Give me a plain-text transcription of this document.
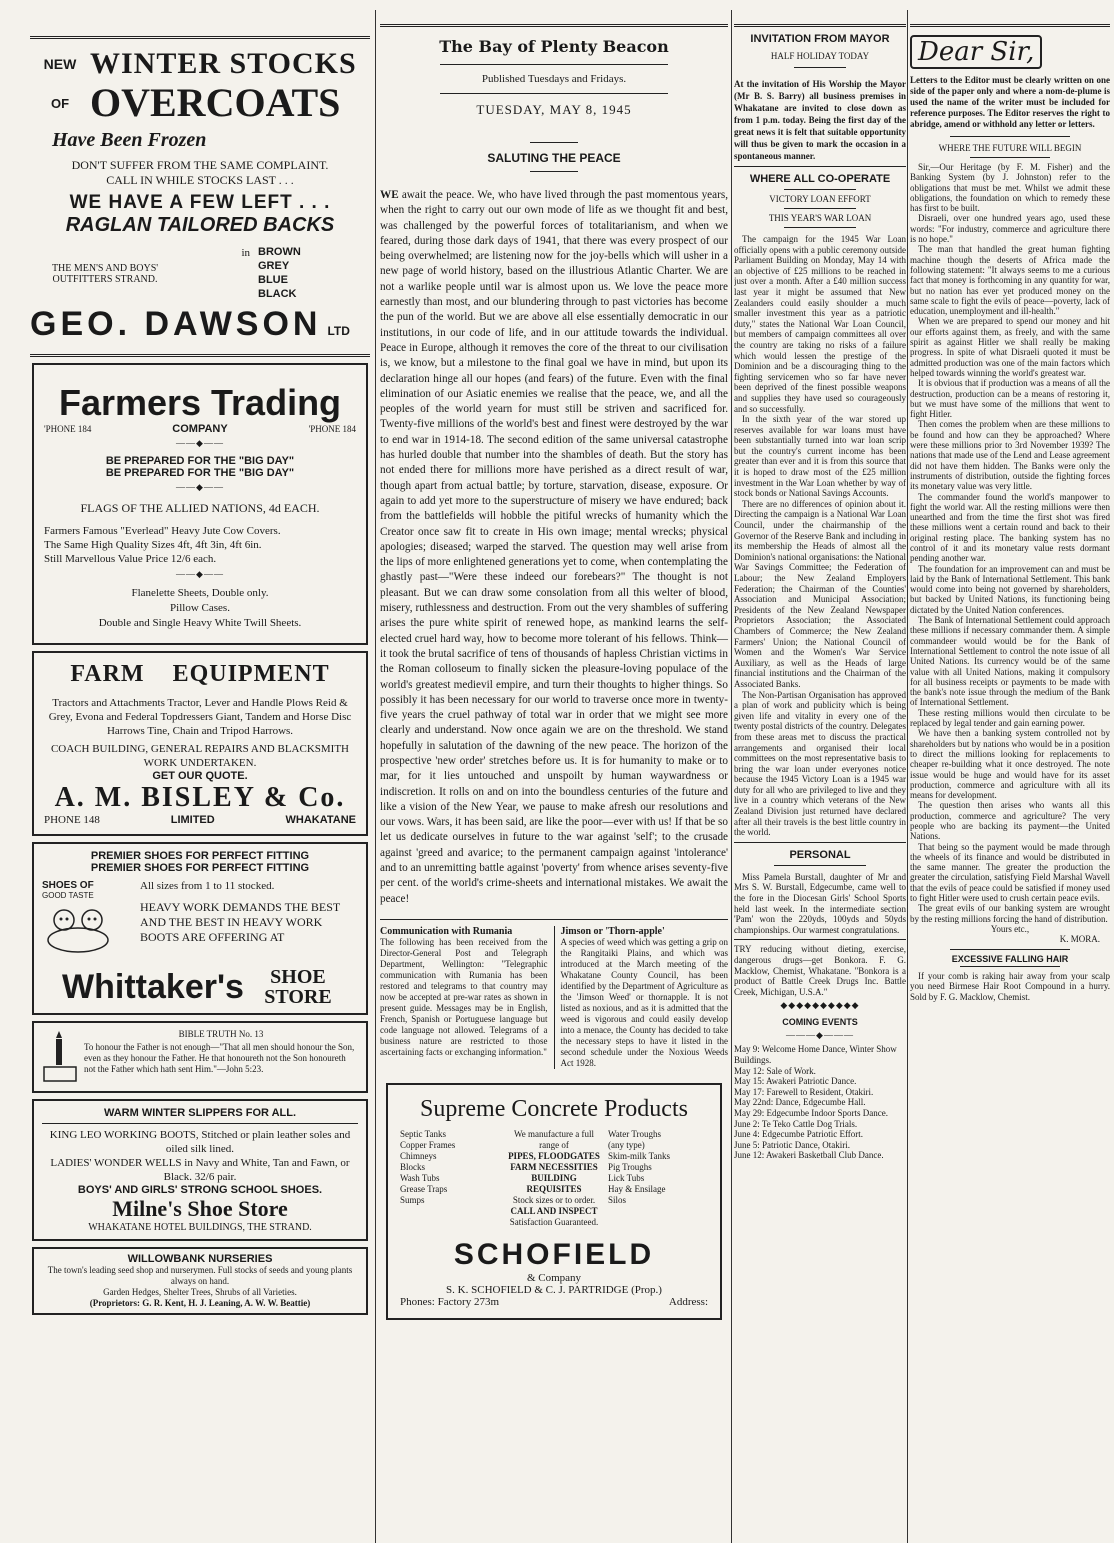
NEW WINTER STOCKS
OF OVERCOATS
Have Been Frozen
DON'T SUFFER FROM THE SAME COMPLAINT.
CALL IN WHILE STOCKS LAST . . .
WE HAVE A FEW LEFT . . .
RAGLAN TAILORED BACKS
THE MEN'S AND BOYS' OUTFITTERS STRAND.
in BROWN
GREY
BLUE
BLACK
GEO. DAWSON LTD
Farmers Trading
'PHONE 184	COMPANY	'PHONE 184
——◆——
BE PREPARED FOR THE "BIG DAY"
BE PREPARED FOR THE "BIG DAY"
——◆——
FLAGS OF THE ALLIED NATIONS, 4d EACH.
Farmers Famous "Everlead" Heavy Jute Cow Covers.
The Same High Quality Sizes 4ft, 4ft 3in, 4ft 6in.
Still Marvellous Value Price 12/6 each.
——◆——
Flanelette Sheets, Double only.
Pillow Cases.
Double and Single Heavy White Twill Sheets.
FARM    EQUIPMENT
Tractors and Attachments Tractor, Lever and Handle Plows Reid & Grey, Evona and Federal Topdressers Giant, Tandem and Horse Disc Harrows Tine, Chain and Tripod Harrows.
COACH BUILDING, GENERAL REPAIRS AND BLACKSMITH WORK UNDERTAKEN.
GET OUR QUOTE.
A. M. BISLEY & Co.
PHONE 148	LIMITED	WHAKATANE
PREMIER SHOES FOR PERFECT FITTING
PREMIER SHOES FOR PERFECT FITTING
SHOES OF
GOOD TASTE
All sizes from 1 to 11 stocked.
HEAVY WORK DEMANDS THE BEST AND THE BEST IN HEAVY WORK BOOTS ARE OFFERING AT
Whittaker's	SHOE STORE
BIBLE TRUTH No. 13
To honour the Father is not enough—"That all men should honour the Son, even as they honour the Father. He that honoureth not the Son honoureth not the Father which hath sent Him."—John 5:23.
WARM WINTER SLIPPERS FOR ALL.
KING LEO WORKING BOOTS, Stitched or plain leather soles and oiled silk lined.
LADIES' WONDER WELLS in Navy and White, Tan and Fawn, or Black. 32/6 pair.
BOYS' AND GIRLS' STRONG SCHOOL SHOES.
Milne's Shoe Store
WHAKATANE HOTEL BUILDINGS, THE STRAND.
WILLOWBANK NURSERIES
The town's leading seed shop and nurserymen. Full stocks of seeds and young plants always on hand.
Garden Hedges, Shelter Trees, Shrubs of all Varieties.
(Proprietors: G. R. Kent, H. J. Leaning, A. W. W. Beattie)
The Bay of Plenty Beacon
Published Tuesdays and Fridays.
TUESDAY, MAY 8, 1945
SALUTING THE PEACE

WE await the peace. We, who have lived through the past momentous years, when the right to carry out our own mode of life as we thought fit and best, was challenged by the powerful forces of totalitarianism, and when we feared, during those dark days of 1941, that there was every prospect of our being overwhelmed; are listening now for the joy-bells which will usher in a new page of world history, based on the illustrious Atlantic Charter. We are not a warlike people until war is almost upon us. We love the peace more earnestly than most, and our blundering through to past victories has become the pun of the world. But we are above all else essentially democratic in our institutions, in our code of life, and in our attitude towards the individual. Peace in Europe, although it removes the core of the threat to our civilisation is, we know, but a milestone to the final goal we have in mind, but upon its declaration hinge all our hopes (and fears) of the future. Even with the final elimination of our Asiatic enemies we realise that the peace, we, and all the peoples of the world yearn for must still be striven and sacrificed for. Twenty-five millions of the world's best and finest were destroyed by the war to end war in 1914-18. The second edition of the same universal catastrophe has hurled double that number into the shambles of death. But the story has not ended there for millions more have perished as a direct result of war, though apart from actual battle; by torture, starvation, disease, exposure. Or again to add yet more to the superstructure of misery we have endured; back from the battlefields will hobble the pitiful wrecks of humanity which the Creator once saw fit to create in His own image; mental wrecks; physical apologies; diseased; warped the starved. The question may well arise from the lips of more enlightened generations yet to come, when contemplating the ghastly past—"Were these indeed our forebears?" The thought is not pleasant. But we can draw some consolation from all this welter of blood, misery, ruthlessness and destruction. From out the very shambles of suffering arises the pure white spirit of renewed hope, as mankind learns the self-elected cruel hard way, how to become more tolerant of his fellows. Think—it took the brutal sacrifice of tens of thousands of hapless Christian victims in the Roman colloseum to finally sicken the pleasure-loving populace of the world's greatest medievil empire, and turn their thoughts to higher things. So possibly it has been necessary for our world to traverse once more in twenty-five years the cruel pathway of total war in order that we might see more clearly and understand. Now once again we are on the threshold. We stand hopefully in salutation of the dawning of the new peace. The horizon of the prospective 'new order' stretches before us. It is for humanity to make or to mar, for it lies untouched and unspoilt by human waywardness or indiscretion. It rolls on and on into the boundless centuries of the future and like a vision of the New Year, we pause to make afresh our resolutions and our vows. Wars, it has been said, are like the poor—ever with us! If that be so let us dedicate ourselves in future to the war against 'self'; to the crusade against 'greed and avarice; to the permanent campaign against 'intolerance' and to an unremitting battle against 'poverty' from whence arises seventy-five per cent. of the world's crime-sheets and international mistakes. We await the peace!

Communication with Rumania
The following has been received from the Director-General Post and Telegraph Department, Wellington: "Telegraphic communication with Rumania has been restored and telegrams to that country may now be accepted at pre-war rates as shown in present guide. Messages may be in English, French, Spanish or Portuguese language but code language not allowed. Telegrams of a business nature are restricted to those ascertaining facts or exchanging information."
Jimson or 'Thorn-apple'
A species of weed which was getting a grip on the Rangitaiki Plains, and which was introduced at the March meeting of the Whakatane County Council, has been identified by the Department of Agriculture as the 'Jimson Weed' or thornapple. It is not listed as noxious, and as it is admitted that the weed is vigorous and could easily develop into a menace, the County has decided to take the necessary steps to have it listed in the second schedule under the Noxious Weeds Act 1928.
Supreme Concrete Products
Septic Tanks
Copper Frames
Chimneys
Blocks
Wash Tubs
Grease Traps
Sumps
We manufacture a full range of
PIPES, FLOODGATES
FARM NECESSITIES
BUILDING REQUISITES
Stock sizes or to order.
CALL AND INSPECT
Satisfaction Guaranteed.
Water Troughs
(any type)
Skim-milk Tanks
Pig Troughs
Lick Tubs
Hay & Ensilage
Silos
SCHOFIELD
& Company
S. K. SCHOFIELD & C. J. PARTRIDGE (Prop.)
Phones: Factory 273m	Address:
INVITATION FROM MAYOR
HALF HOLIDAY TODAY

At the invitation of His Worship the Mayor (Mr B. S. Barry) all business premises in Whakatane are invited to close down as from 1 p.m. today. Being the first day of the great news it is felt that suitable opportunity will thus be given to mark the occasion in a spontaneous manner.

WHERE ALL CO-OPERATE
VICTORY LOAN EFFORT
THIS YEAR'S WAR LOAN

The campaign for the 1945 War Loan officially opens with a public ceremony outside Parliament Building on Monday, May 14 with an objective of £25 millions to be reached in just over a month. After a £40 million success last year it might be assumed that New Zealanders could easily shoulder a much smaller investment this year as a patriotic duty," states the National War Loan Council, but members of campaign committees all over the country are taking no risks of a failure which would lessen the prestige of the Dominion and be a discouraging thing to the fighting servicemen who so far have never been deprived of the finest possible weapons and supplies they have used so courageously and so successfully.

In the sixth year of the war stored up reserves available for war loans must have been substantially turned into war loan scrip but the country's current income has been greater than ever and it is from this source that it is hoped to draw most of the £25 million investment in the War Loan whether by way of stock bonds or National Savings Accounts.

There are no differences of opinion about it. Directing the campaign is a National War Loan Council, under the chairmanship of the Governor of the Reserve Bank and including in its membership the Heads of almost all the Dominion's national organisations: the National War Savings Committee; the Federation of Labour; the New Zealand Employers Federation; the Chairman of the Counties' Association and Municipal Association; Presidents of the New Zealand Newspaper Proprietors Association; the Associated Chambers of Commerce; the New Zealand Farmers' Union; the National Council of Women and the Women's War Service Auxiliary, as well as the Heads of large financial institutions and the Chairman of the Associated Banks.

The Non-Partisan Organisation has approved a plan of work and publicity which is being given life and vitality in every one of the twenty postal districts of the country. Delegates from these areas met to discuss the practical arrangements and organised their local committees on the most representative basis to bring the war loan under everyones notice because the 1945 Victory Loan is a 1945 war duty for all who are privileged to live and they live in a country which veterans of the New Zealand Division just returned have declared after all their travels is the best little country in the world.

PERSONAL

Miss Pamela Burstall, daughter of Mr and Mrs S. W. Burstall, Edgecumbe, came well to the fore in the Diocesan Girls' School Sports held last week. In the intermediate section 'Pam' won the 220yds, 100yds and 50yds championships. Our warmest congratulations.

TRY reducing without dieting, exercise, dangerous drugs—get Bonkora. F. G. Macklow, Chemist, Whakatane. "Bonkora is a product of Battle Creek Drugs Inc. Battle Creek, Michigan, U.S.A."

◆◆◆◆◆◆◆◆◆◆
COMING EVENTS
———◆———
May 9: Welcome Home Dance, Winter Show Buildings.
May 12: Sale of Work.
May 15: Awakeri Patriotic Dance.
May 17: Farewell to Resident, Otakiri.
May 22nd: Dance, Edgecumbe Hall.
May 29: Edgecumbe Indoor Sports Dance.
June 2: Te Teko Cattle Dog Trials.
June 4: Edgecumbe Patriotic Effort.
June 5: Patriotic Dance, Otakiri.
June 12: Awakeri Basketball Club Dance.
Dear Sir,

Letters to the Editor must be clearly written on one side of the paper only and where a nom-de-plume is used the name of the writer must be included for reference purposes. The Editor reserves the right to abridge, amend or withhold any letter or letters.

WHERE THE FUTURE WILL BEGIN

Sir,—Our Heritage (by F. M. Fisher) and the Banking System (by J. Johnston) refer to the obligations that must be met. Whilst we admit these obligations, the foundation on which to remedy these has first to be built.

Disraeli, over one hundred years ago, used these words: "For industry, commerce and agriculture there is no hope."

The man that handled the great human fighting machine though the deserts of Africa made the following statement: "It always seems to me a curious fact that money is forthcoming in any quantity for war, but no nation has ever yet produced money on the same scale to fight the evils of peace—poverty, lack of education, unemployment and ill-health."

When we are prepared to spend our money and hit our efforts against them, as freely, and with the same spirit as against Hitler we shall really be making progress. In spite of what Disraeli quoted it must be admitted production was one of the main factors which helped towards winning the world's greatest war.

It is obvious that if production was a means of all the destruction, production can be a means of restoring it, but we must have some of the millions that went to fight Hitler.

Then comes the problem when are these millions to be found and how can they be approached? Where were these millions prior to 3rd November 1939? The nations that made use of the Lend and Lease agreement did not have them hidden. The Banks were only the instruments of distribution, outside the fighting forces its monetary value was very little.

The commander found the world's manpower to fight the world war. All the resting millions were then unearthed and from the time the first shot was fired these millions went a certain round and back to their original resting place. The banking system has no control of it and its monetary value rests dormant pending another war.

The foundation for an improvement can and must be laid by the Bank of International Settlement. This bank would come into being not governed by shareholders, but backed by United Nations, its functioning being dictated by the United Nation conferences.

The Bank of International Settlement could approach these millions if necessary commander them. A simple commandeer would would be for the Bank of International Settlement to control the note issue of all United Nations. Its currency would be of the same value with all United Nations, making it compulsory for all business receipts or payments to be made with the bank's note issue through the medium of the Bank of International Settlement.

These resting millions would then circulate to be replaced by legal tender and gain earning power.

We have then a banking system controlled not by shareholders but by nations who would be in a position to direct the millions looking for replacements to cheaper re-building what it once destroyed. The note issue would be huge and would have for its asset production, commerce and agriculture with all its means for development.

The question then arises who wants all this production, commerce and agriculture? The very people who are backing its payment—the United Nations.

That being so the payment would be made through the wheels of its finance and would be distributed in the same manner. The greater the production the greater the circulation, satisfying Field Marshal Wavell that the evils of peace could be satisfied if money used to fight Hitler were used to crush certain peace evils.

The great evils of our banking system are wrought by the resting millions forcing the hand of distribution.

Yours etc.,

K. MORA.

EXCESSIVE FALLING HAIR

If your comb is raking hair away from your scalp you need Birmese Hair Root Compound in a hurry. Sold by F. G. Macklow, Chemist.
